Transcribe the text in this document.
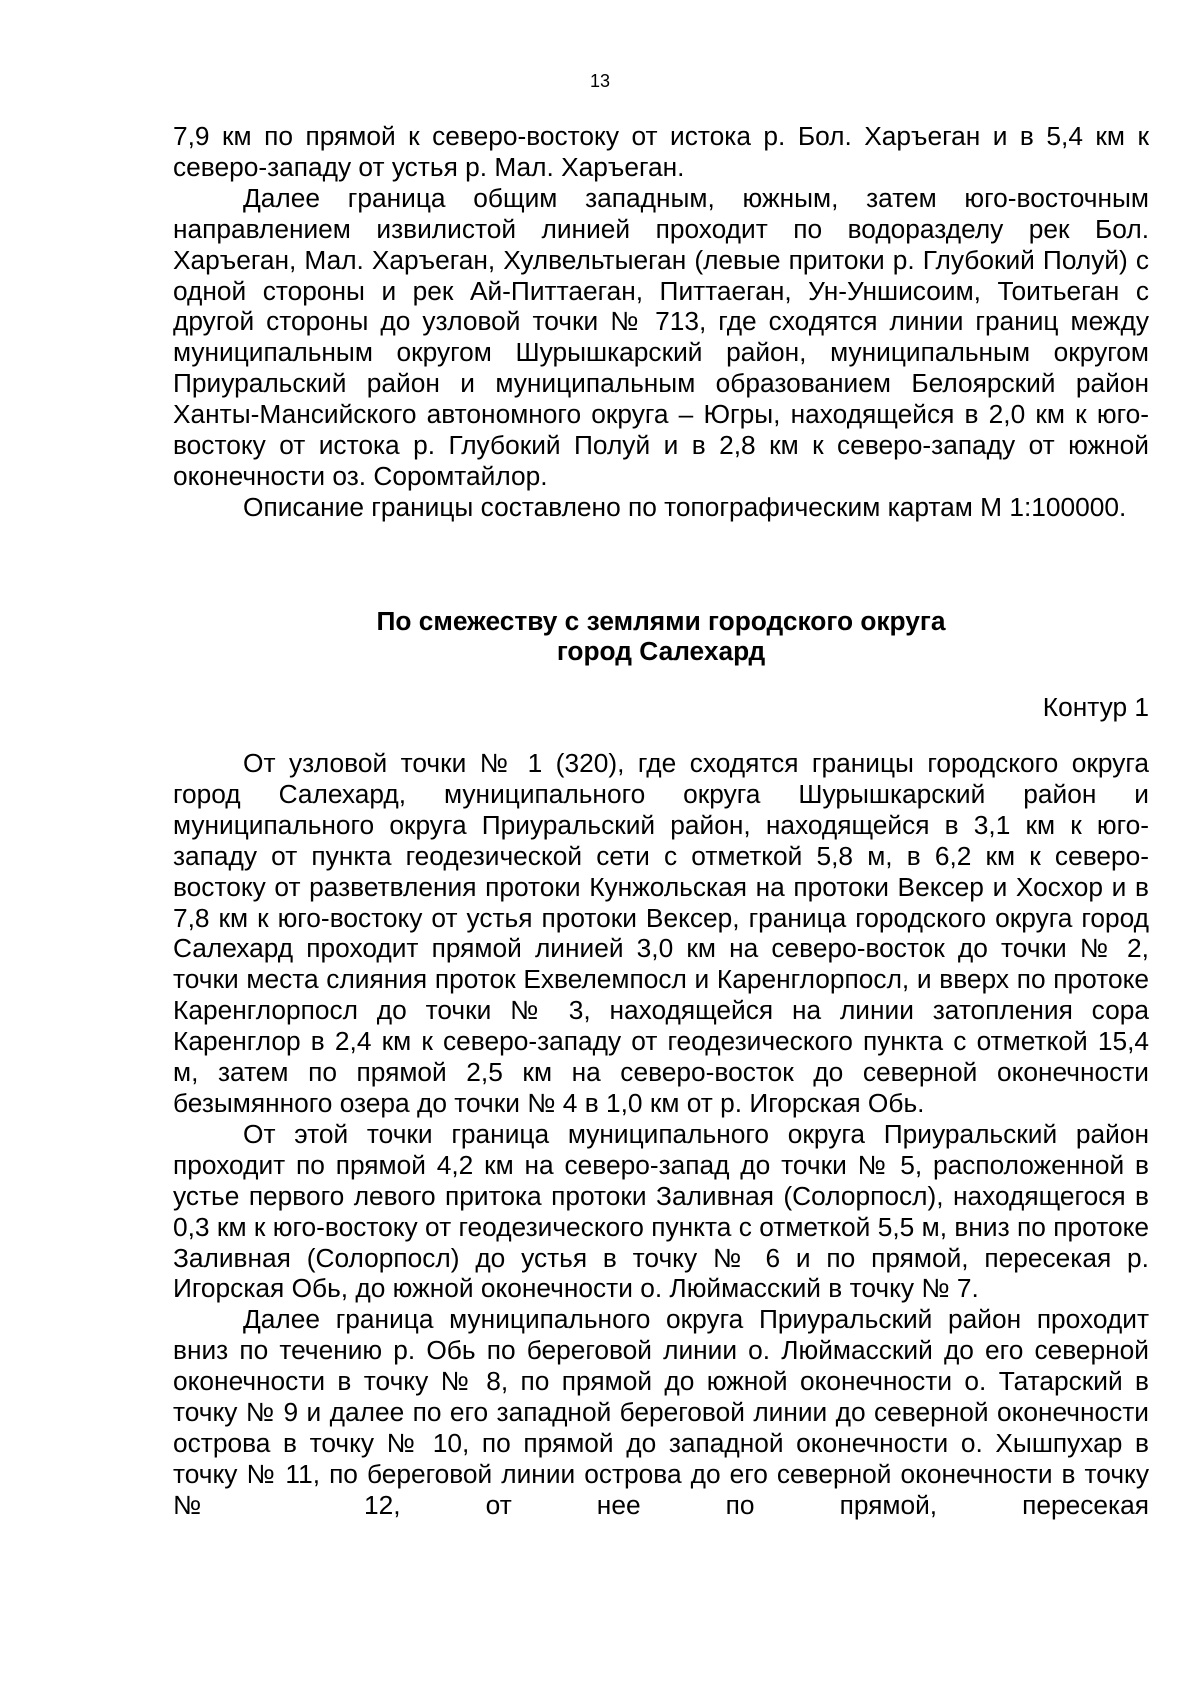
13

7,9 км по прямой к северо-востоку от истока р. Бол. Харъеган и в 5,4 км к северо-западу от устья р. Мал. Харъеган.

Далее граница общим западным, южным, затем юго-восточным направлением извилистой линией проходит по водоразделу рек Бол. Харъеган, Мал. Харъеган, Хулвельтыеган (левые притоки р. Глубокий Полуй) с одной стороны и рек Ай-Питтаеган, Питтаеган, Ун-Уншисоим, Тоитьеган с другой стороны до узловой точки № 713, где сходятся линии границ между муниципальным округом Шурышкарский район, муниципальным округом Приуральский район и муниципальным образованием Белоярский район Ханты-Мансийского автономного округа – Югры, находящейся в 2,0 км к юго-востоку от истока р. Глубокий Полуй и в 2,8 км к северо-западу от южной оконечности оз. Соромтайлор.

Описание границы составлено по топографическим картам М 1:100000.

По смежеству с землями городского округа
город Салехард
Контур 1

От узловой точки № 1 (320), где сходятся границы городского округа город Салехард, муниципального округа Шурышкарский район и муниципального округа Приуральский район, находящейся в 3,1 км к юго-западу от пункта геодезической сети с отметкой 5,8 м, в 6,2 км к северо-востоку от разветвления протоки Кунжольская на протоки Вексер и Хосхор и в 7,8 км к юго-востоку от устья протоки Вексер, граница городского округа город Салехард проходит прямой линией 3,0 км на северо-восток до точки № 2, точки места слияния проток Ехвелемпосл и Каренглорпосл, и вверх по протоке Каренглорпосл до точки № 3, находящейся на линии затопления сора Каренглор в 2,4 км к северо-западу от геодезического пункта с отметкой 15,4 м, затем по прямой 2,5 км на северо-восток до северной оконечности безымянного озера до точки № 4 в 1,0 км от р. Игорская Обь.

От этой точки граница муниципального округа Приуральский район проходит по прямой 4,2 км на северо-запад до точки № 5, расположенной в устье первого левого притока протоки Заливная (Солорпосл), находящегося в 0,3 км к юго-востоку от геодезического пункта с отметкой 5,5 м, вниз по протоке Заливная (Солорпосл) до устья в точку № 6 и по прямой, пересекая р. Игорская Обь, до южной оконечности о. Люймасский в точку № 7.

Далее граница муниципального округа Приуральский район проходит вниз по течению р. Обь по береговой линии о. Люймасский до его северной оконечности в точку № 8, по прямой до южной оконечности о. Татарский в точку № 9 и далее по его западной береговой линии до северной оконечности острова в точку № 10, по прямой до западной оконечности о. Хышпухар в точку № 11, по береговой линии острова до его северной оконечности в точку № 12, от нее по прямой, пересекая
